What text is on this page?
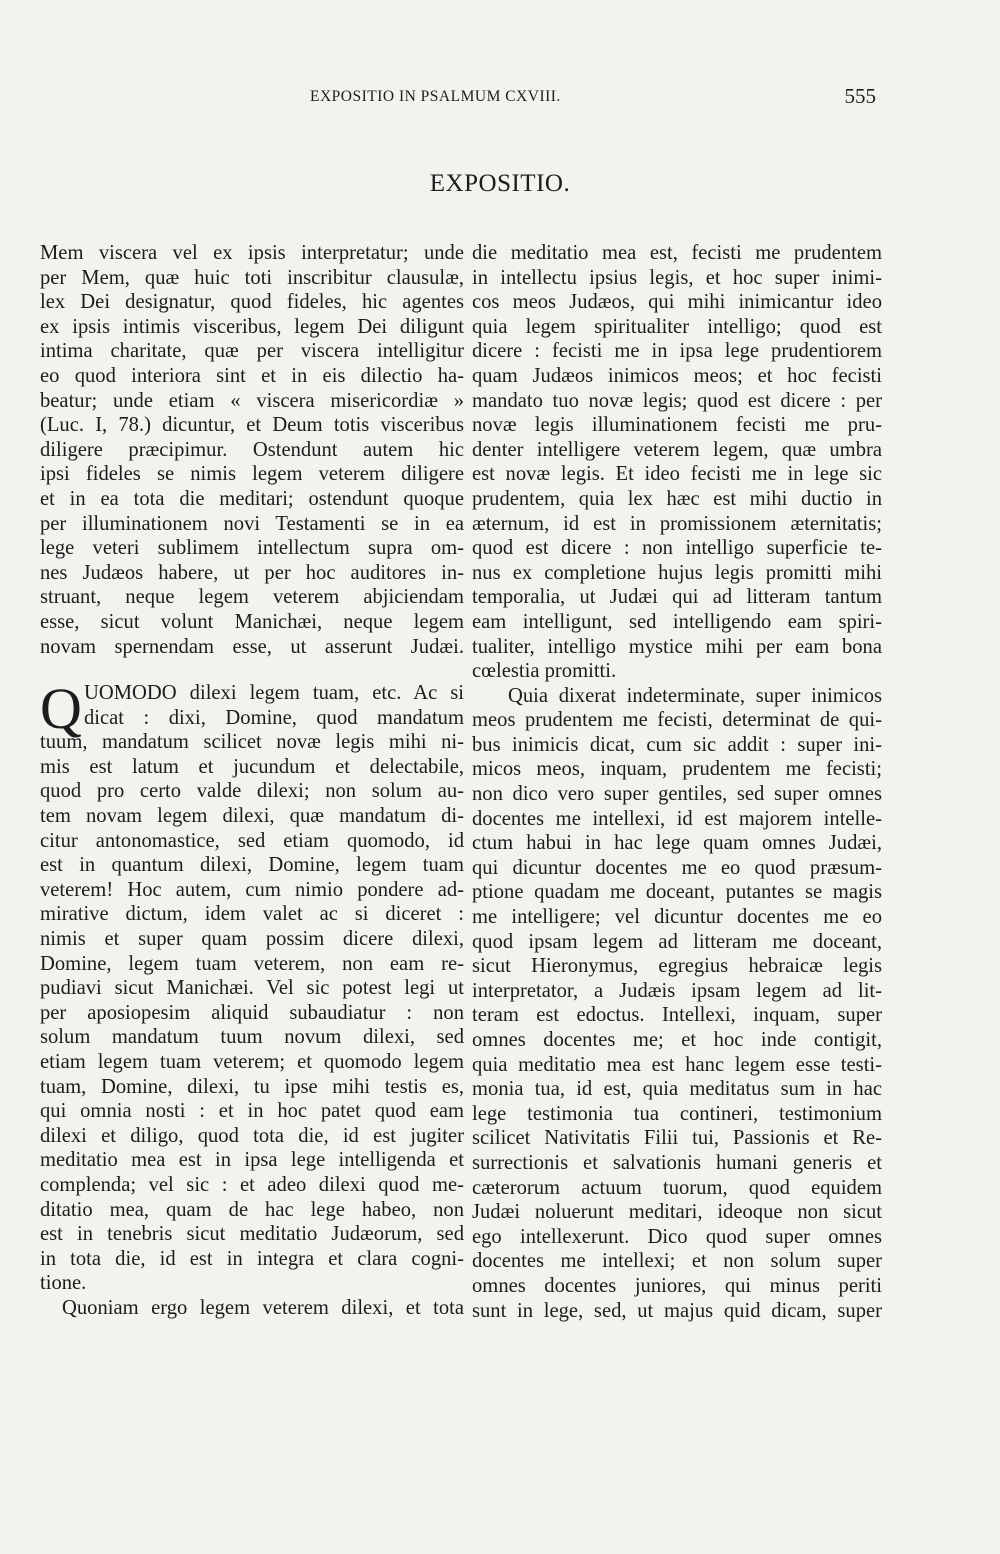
EXPOSITIO IN PSALMUM CXVIII.	555
EXPOSITIO.
Mem viscera vel ex ipsis interpretatur; unde
per Mem, quæ huic toti inscribitur clausulæ,
lex Dei designatur, quod fideles, hic agentes
ex ipsis intimis visceribus, legem Dei diligunt
intima charitate, quæ per viscera intelligitur
eo quod interiora sint et in eis dilectio ha-
beatur; unde etiam « viscera misericordiæ »
(Luc. I, 78.) dicuntur, et Deum totis visceribus
diligere præcipimur. Ostendunt autem hic
ipsi fideles se nimis legem veterem diligere
et in ea tota die meditari; ostendunt quoque
per illuminationem novi Testamenti se in ea
lege veteri sublimem intellectum supra om-
nes Judæos habere, ut per hoc auditores in-
struant, neque legem veterem abjiciendam
esse, sicut volunt Manichæi, neque legem
novam spernendam esse, ut asserunt Judæi.
Q UOMODO dilexi legem tuam, etc. Ac si
dicat : dixi, Domine, quod mandatum
tuum, mandatum scilicet novæ legis mihi ni-
mis est latum et jucundum et delectabile,
quod pro certo valde dilexi; non solum au-
tem novam legem dilexi, quæ mandatum di-
citur antonomastice, sed etiam quomodo, id
est in quantum dilexi, Domine, legem tuam
veterem! Hoc autem, cum nimio pondere ad-
mirative dictum, idem valet ac si diceret :
nimis et super quam possim dicere dilexi,
Domine, legem tuam veterem, non eam re-
pudiavi sicut Manichæi. Vel sic potest legi ut
per aposiopesim aliquid subaudiatur : non
solum mandatum tuum novum dilexi, sed
etiam legem tuam veterem; et quomodo legem
tuam, Domine, dilexi, tu ipse mihi testis es,
qui omnia nosti : et in hoc patet quod eam
dilexi et diligo, quod tota die, id est jugiter
meditatio mea est in ipsa lege intelligenda et
complenda; vel sic : et adeo dilexi quod me-
ditatio mea, quam de hac lege habeo, non
est in tenebris sicut meditatio Judæorum, sed
in tota die, id est in integra et clara cogni-
tione.
Quoniam ergo legem veterem dilexi, et tota
die meditatio mea est, fecisti me prudentem
in intellectu ipsius legis, et hoc super inimi-
cos meos Judæos, qui mihi inimicantur ideo
quia legem spiritualiter intelligo; quod est
dicere : fecisti me in ipsa lege prudentiorem
quam Judæos inimicos meos; et hoc fecisti
mandato tuo novæ legis; quod est dicere : per
novæ legis illuminationem fecisti me pru-
denter intelligere veterem legem, quæ umbra
est novæ legis. Et ideo fecisti me in lege sic
prudentem, quia lex hæc est mihi ductio in
æternum, id est in promissionem æternitatis;
quod est dicere : non intelligo superficie te-
nus ex completione hujus legis promitti mihi
temporalia, ut Judæi qui ad litteram tantum
eam intelligunt, sed intelligendo eam spiri-
tualiter, intelligo mystice mihi per eam bona
cœlestia promitti.
Quia dixerat indeterminate, super inimicos
meos prudentem me fecisti, determinat de qui-
bus inimicis dicat, cum sic addit : super ini-
micos meos, inquam, prudentem me fecisti;
non dico vero super gentiles, sed super omnes
docentes me intellexi, id est majorem intelle-
ctum habui in hac lege quam omnes Judæi,
qui dicuntur docentes me eo quod præsum-
ptione quadam me doceant, putantes se magis
me intelligere; vel dicuntur docentes me eo
quod ipsam legem ad litteram me doceant,
sicut Hieronymus, egregius hebraicæ legis
interpretator, a Judæis ipsam legem ad lit-
teram est edoctus. Intellexi, inquam, super
omnes docentes me; et hoc inde contigit,
quia meditatio mea est hanc legem esse testi-
monia tua, id est, quia meditatus sum in hac
lege testimonia tua contineri, testimonium
scilicet Nativitatis Filii tui, Passionis et Re-
surrectionis et salvationis humani generis et
cæterorum actuum tuorum, quod equidem
Judæi noluerunt meditari, ideoque non sicut
ego intellexerunt. Dico quod super omnes
docentes me intellexi; et non solum super
omnes docentes juniores, qui minus periti
sunt in lege, sed, ut majus quid dicam, super
